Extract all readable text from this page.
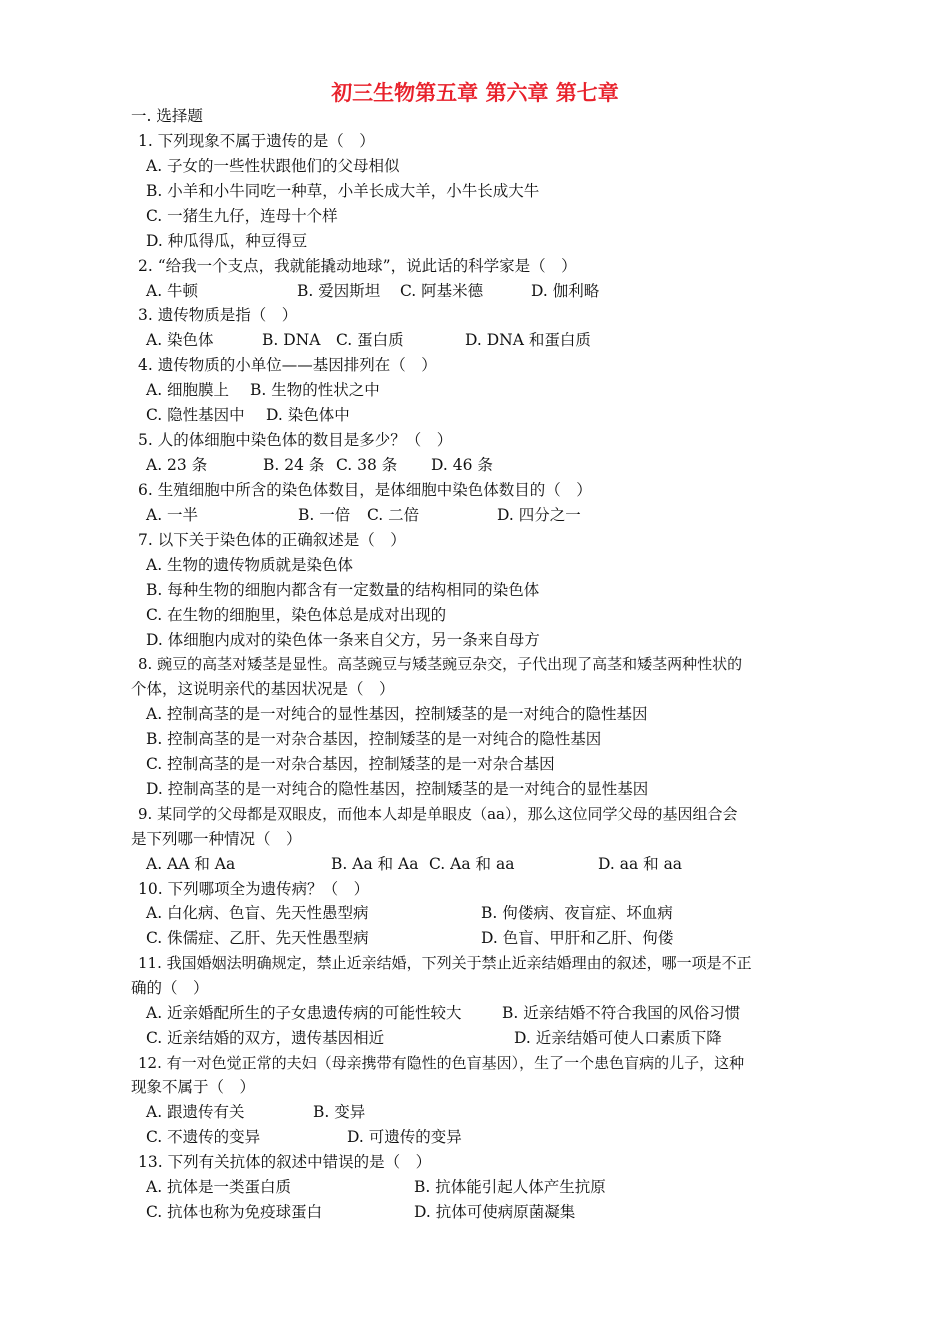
初三生物第五章 第六章 第七章
一. 选择题
1. 下列现象不属于遗传的是（　）
A. 子女的一些性状跟他们的父母相似
B. 小羊和小牛同吃一种草，小羊长成大羊，小牛长成大牛
C. 一猪生九仔，连母十个样
D. 种瓜得瓜，种豆得豆
2. “给我一个支点，我就能撬动地球”，说此话的科学家是（　）
A. 牛顿	B. 爱因斯坦 C. 阿基米德	D. 伽利略
3. 遗传物质是指（　）
A. 染色体	B. DNA C. 蛋白质	D. DNA 和蛋白质
4. 遗传物质的小单位——基因排列在（　）
A. 细胞膜上 B. 生物的性状之中
C. 隐性基因中 D. 染色体中
5. 人的体细胞中染色体的数目是多少？（　）
A. 23 条	B. 24 条 C. 38 条 D. 46 条
6. 生殖细胞中所含的染色体数目，是体细胞中染色体数目的（　）
A. 一半	B. 一倍 C. 二倍	D. 四分之一
7. 以下关于染色体的正确叙述是（　）
A. 生物的遗传物质就是染色体
B. 每种生物的细胞内都含有一定数量的结构相同的染色体
C. 在生物的细胞里，染色体总是成对出现的
D. 体细胞内成对的染色体一条来自父方，另一条来自母方
8. 豌豆的高茎对矮茎是显性。高茎豌豆与矮茎豌豆杂交，子代出现了高茎和矮茎两种性状的
个体，这说明亲代的基因状况是（　）
A. 控制高茎的是一对纯合的显性基因，控制矮茎的是一对纯合的隐性基因
B. 控制高茎的是一对杂合基因，控制矮茎的是一对纯合的隐性基因
C. 控制高茎的是一对杂合基因，控制矮茎的是一对杂合基因
D. 控制高茎的是一对纯合的隐性基因，控制矮茎的是一对纯合的显性基因
9. 某同学的父母都是双眼皮，而他本人却是单眼皮（aa），那么这位同学父母的基因组合会
是下列哪一种情况（　）
A. AA 和 Aa	B. Aa 和 Aa C. Aa 和 aa	D. aa 和 aa
10. 下列哪项全为遗传病？（　）
A. 白化病、色盲、先天性愚型病	B. 佝偻病、夜盲症、坏血病
C. 侏儒症、乙肝、先天性愚型病	D. 色盲、甲肝和乙肝、佝偻
11. 我国婚姻法明确规定，禁止近亲结婚，下列关于禁止近亲结婚理由的叙述，哪一项是不正
确的（　）
A. 近亲婚配所生的子女患遗传病的可能性较大	B. 近亲结婚不符合我国的风俗习惯
C. 近亲结婚的双方，遗传基因相近	D. 近亲结婚可使人口素质下降
12. 有一对色觉正常的夫妇（母亲携带有隐性的色盲基因），生了一个患色盲病的儿子，这种
现象不属于（　）
A. 跟遗传有关	B. 变异
C. 不遗传的变异	D. 可遗传的变异
13. 下列有关抗体的叙述中错误的是（　）
A. 抗体是一类蛋白质	B. 抗体能引起人体产生抗原
C. 抗体也称为免疫球蛋白	D. 抗体可使病原菌凝集
